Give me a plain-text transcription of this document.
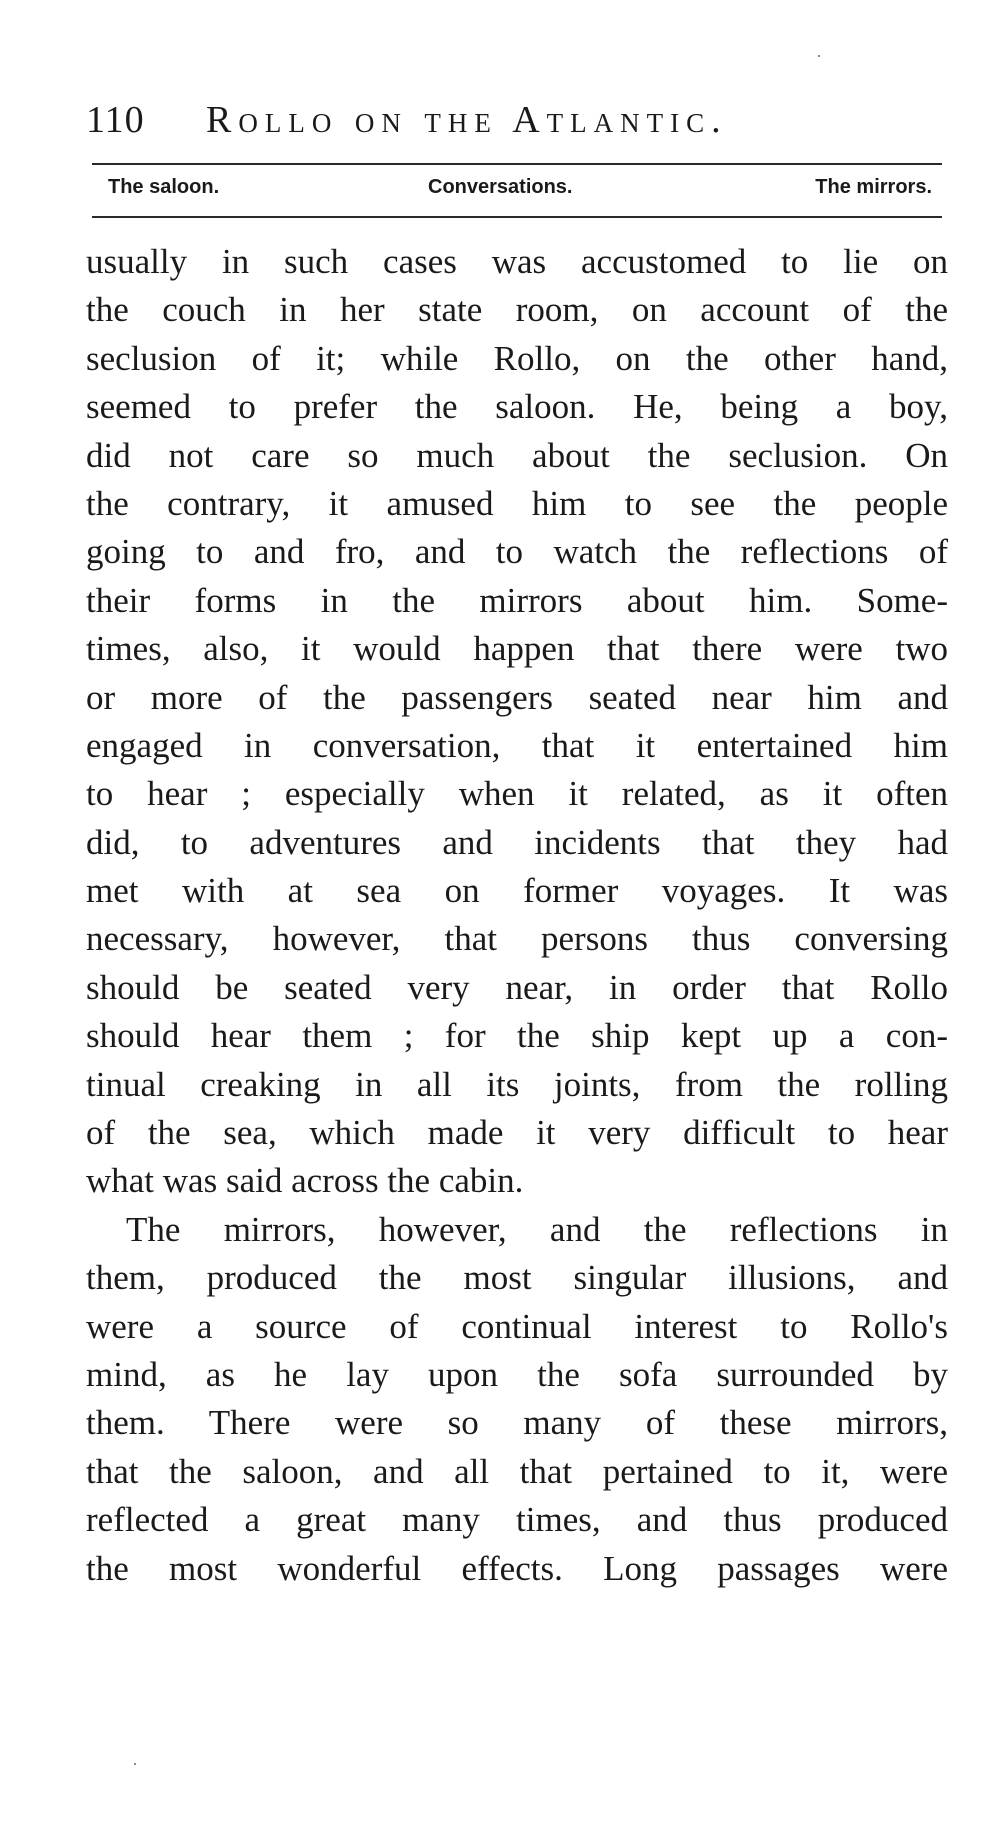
110	Rollo on the Atlantic.
The saloon.	Conversations.	The mirrors.
usually in such cases was accustomed to lie on
the couch in her state room, on account of the
seclusion of it; while Rollo, on the other hand,
seemed to prefer the saloon. He, being a boy,
did not care so much about the seclusion. On
the contrary, it amused him to see the people
going to and fro, and to watch the reflections of
their forms in the mirrors about him. Some-
times, also, it would happen that there were two
or more of the passengers seated near him and
engaged in conversation, that it entertained him
to hear ; especially when it related, as it often
did, to adventures and incidents that they had
met with at sea on former voyages. It was
necessary, however, that persons thus conversing
should be seated very near, in order that Rollo
should hear them ; for the ship kept up a con-
tinual creaking in all its joints, from the rolling
of the sea, which made it very difficult to hear
what was said across the cabin.
The mirrors, however, and the reflections in
them, produced the most singular illusions, and
were a source of continual interest to Rollo's
mind, as he lay upon the sofa surrounded by
them. There were so many of these mirrors,
that the saloon, and all that pertained to it, were
reflected a great many times, and thus produced
the most wonderful effects. Long passages were
